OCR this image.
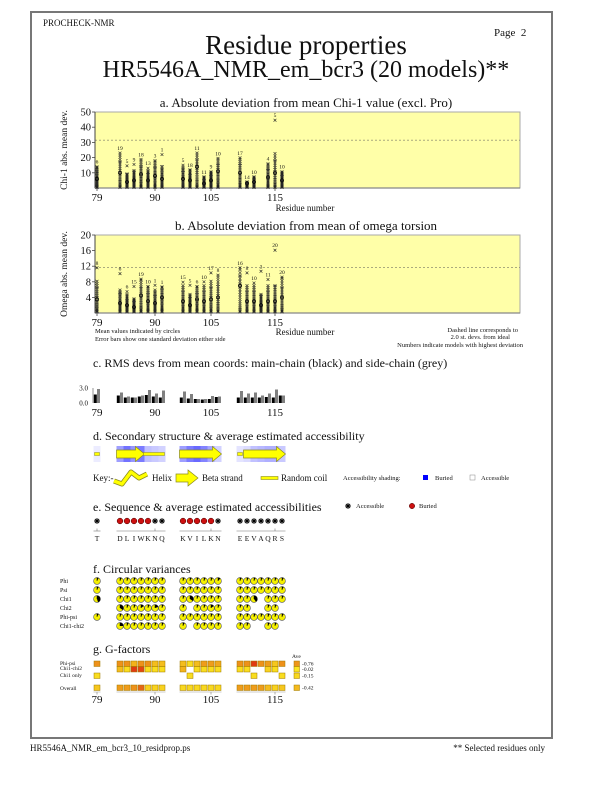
PROCHECK-NMR
Page  2
Residue properties
HR5546A_NMR_em_bcr3 (20 models)**
a. Absolute deviation from mean Chi-1 value (excl. Pro)
Chi-1 abs. mean dev.
Residue number
b. Absolute deviation from mean of omega torsion
Omega abs. mean dev.
Residue number
Mean values indicated by circles
Error bars show one standard deviation either side
Dashed line corresponds to
2.0 st. devs. from ideal
Numbers indicate models with highest deviation
c. RMS devs from mean coords: main-chain (black) and side-chain (grey)
d. Secondary structure & average estimated accessibility
Key:-	Helix	Beta strand	Random coil Accessibility shading:	Buried	Accessible
e. Sequence & average estimated accessibilities	Accessible	Buried
f. Circular variances
g. G-factors
Ave
HR5546A_NMR_em_bcr3_10_residprop.ps	** Selected residues only
10
20
30
40
50
79	90	105	115
6
19
5 9
18
13
3
1
5
18
11
11
9
10	17
14
10
4
5
10
4
8
12
16
20
79	90	105	115
8
6
6
15
19
10 1 1
15
5 6
10
17 8
16
8
10
3
11
20
20
3.0
0.0
79	90	105	115
T D L I W K N Q K V I L K N E E V A Q R S
Phi
Psi
Chi1
Chi2
Phi-psi
Chi1-chi2
Phi-psi	-0.76
Chi1-chi2	-0.02
Chi1 only	-0.15
Overall	-0.42
79	90	105	115
